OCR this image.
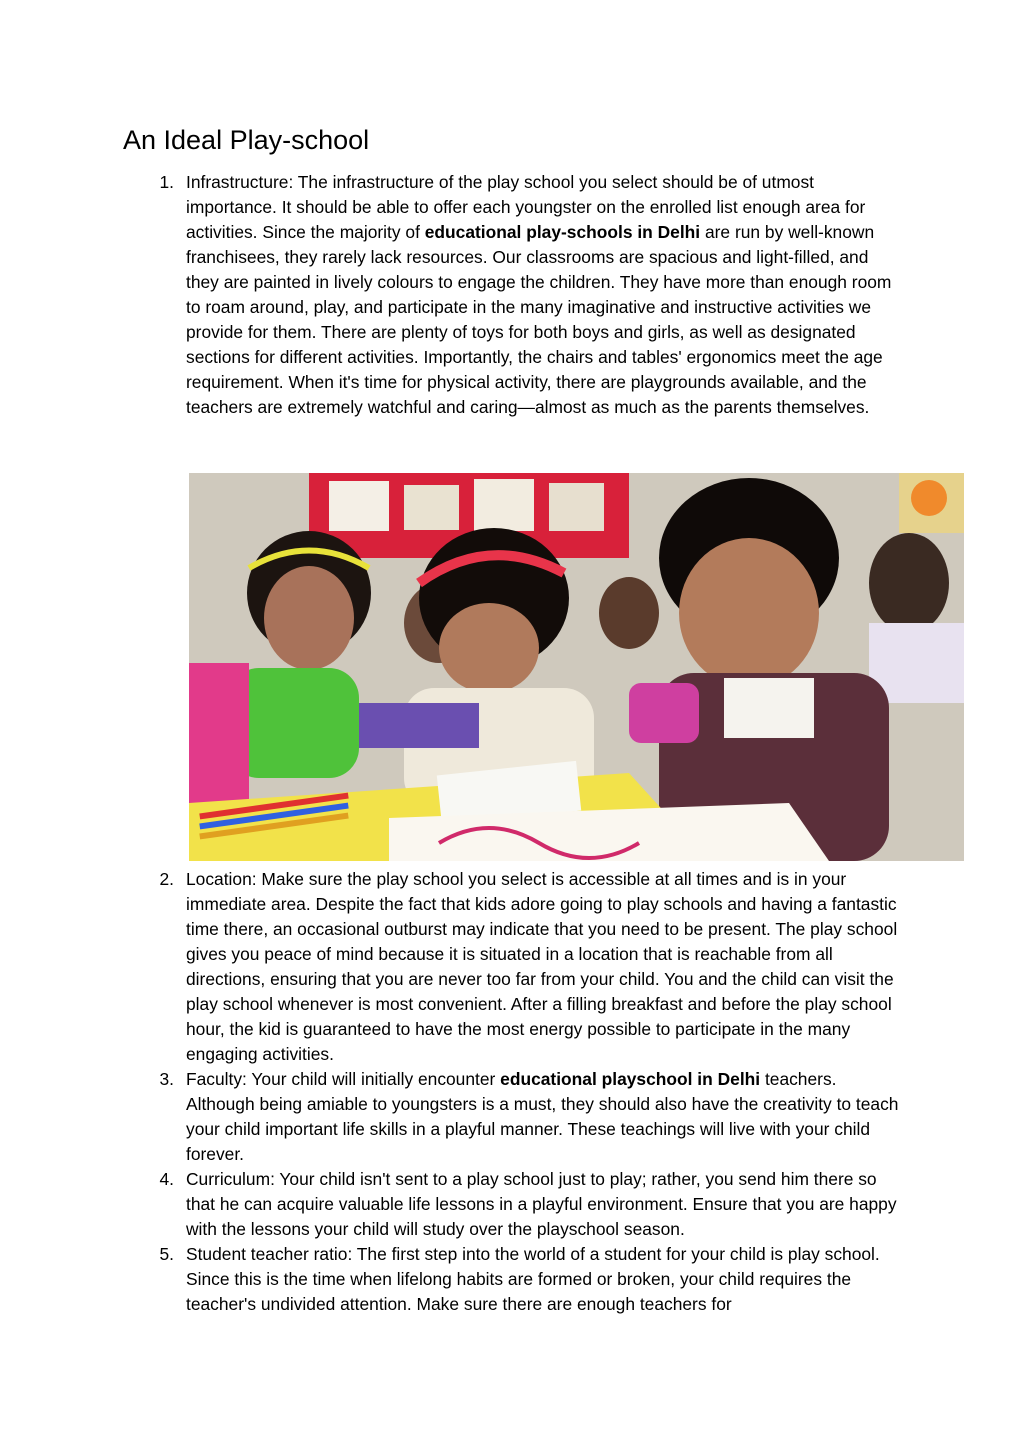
An Ideal Play-school
1. Infrastructure: The infrastructure of the play school you select should be of utmost importance. It should be able to offer each youngster on the enrolled list enough area for activities. Since the majority of educational play-schools in Delhi are run by well-known franchisees, they rarely lack resources. Our classrooms are spacious and light-filled, and they are painted in lively colours to engage the children. They have more than enough room to roam around, play, and participate in the many imaginative and instructive activities we provide for them. There are plenty of toys for both boys and girls, as well as designated sections for different activities. Importantly, the chairs and tables' ergonomics meet the age requirement. When it's time for physical activity, there are playgrounds available, and the teachers are extremely watchful and caring—almost as much as the parents themselves.
2. Location: Make sure the play school you select is accessible at all times and is in your immediate area. Despite the fact that kids adore going to play schools and having a fantastic time there, an occasional outburst may indicate that you need to be present. The play school gives you peace of mind because it is situated in a location that is reachable from all directions, ensuring that you are never too far from your child. You and the child can visit the play school whenever is most convenient. After a filling breakfast and before the play school hour, the kid is guaranteed to have the most energy possible to participate in the many engaging activities.
3. Faculty: Your child will initially encounter educational playschool in Delhi teachers. Although being amiable to youngsters is a must, they should also have the creativity to teach your child important life skills in a playful manner. These teachings will live with your child forever.
4. Curriculum: Your child isn't sent to a play school just to play; rather, you send him there so that he can acquire valuable life lessons in a playful environment. Ensure that you are happy with the lessons your child will study over the playschool season.
5. Student teacher ratio: The first step into the world of a student for your child is play school. Since this is the time when lifelong habits are formed or broken, your child requires the teacher's undivided attention. Make sure there are enough teachers for
